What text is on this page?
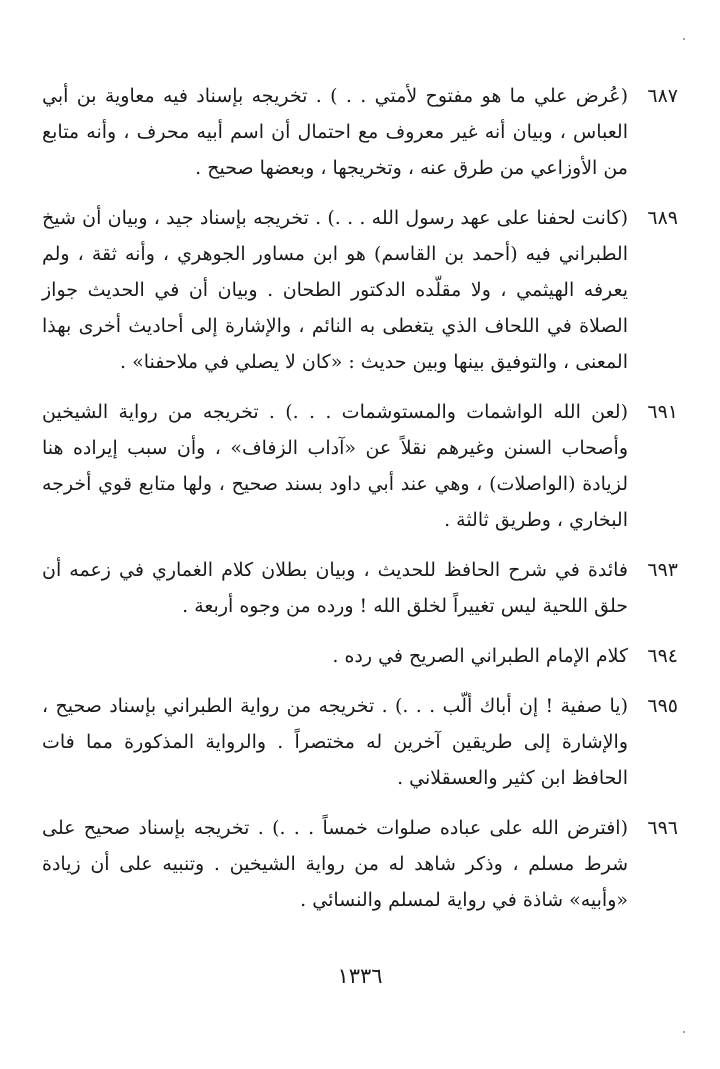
٦٨٧
(عُرض علي ما هو مفتوح لأمتي . . ) . تخريجه بإسناد فيه معاوية بن أبي العباس ، وبيان أنه غير معروف مع احتمال أن اسم أبيه محرف ، وأنه متابع من الأوزاعي من طرق عنه ، وتخريجها ، وبعضها صحيح .
٦٨٩
(كانت لحفنا على عهد رسول الله . . .) . تخريجه بإسناد جيد ، وبيان أن شيخ الطبراني فيه (أحمد بن القاسم) هو ابن مساور الجوهري ، وأنه ثقة ، ولم يعرفه الهيثمي ، ولا مقلّده الدكتور الطحان . وبيان أن في الحديث جواز الصلاة في اللحاف الذي يتغطى به النائم ، والإشارة إلى أحاديث أخرى بهذا المعنى ، والتوفيق بينها وبين حديث : «كان لا يصلي في ملاحفنا» .
٦٩١
(لعن الله الواشمات والمستوشمات . . .) . تخريجه من رواية الشيخين وأصحاب السنن وغيرهم نقلاً عن «آداب الزفاف» ، وأن سبب إيراده هنا لزيادة (الواصلات) ، وهي عند أبي داود بسند صحيح ، ولها متابع قوي أخرجه البخاري ، وطريق ثالثة .
٦٩٣
فائدة في شرح الحافظ للحديث ، وبيان بطلان كلام الغماري في زعمه أن حلق اللحية ليس تغييراً لخلق الله ! ورده من وجوه أربعة .
٦٩٤
كلام الإمام الطبراني الصريح في رده .
٦٩٥
(يا صفية ! إن أباك ألّب . . .) . تخريجه من رواية الطبراني بإسناد صحيح ، والإشارة إلى طريقين آخرين له مختصراً . والرواية المذكورة مما فات الحافظ ابن كثير والعسقلاني .
٦٩٦
(افترض الله على عباده صلوات خمساً . . .) . تخريجه بإسناد صحيح على شرط مسلم ، وذكر شاهد له من رواية الشيخين . وتنبيه على أن زيادة «وأبيه» شاذة في رواية لمسلم والنسائي .
١٣٣٦
